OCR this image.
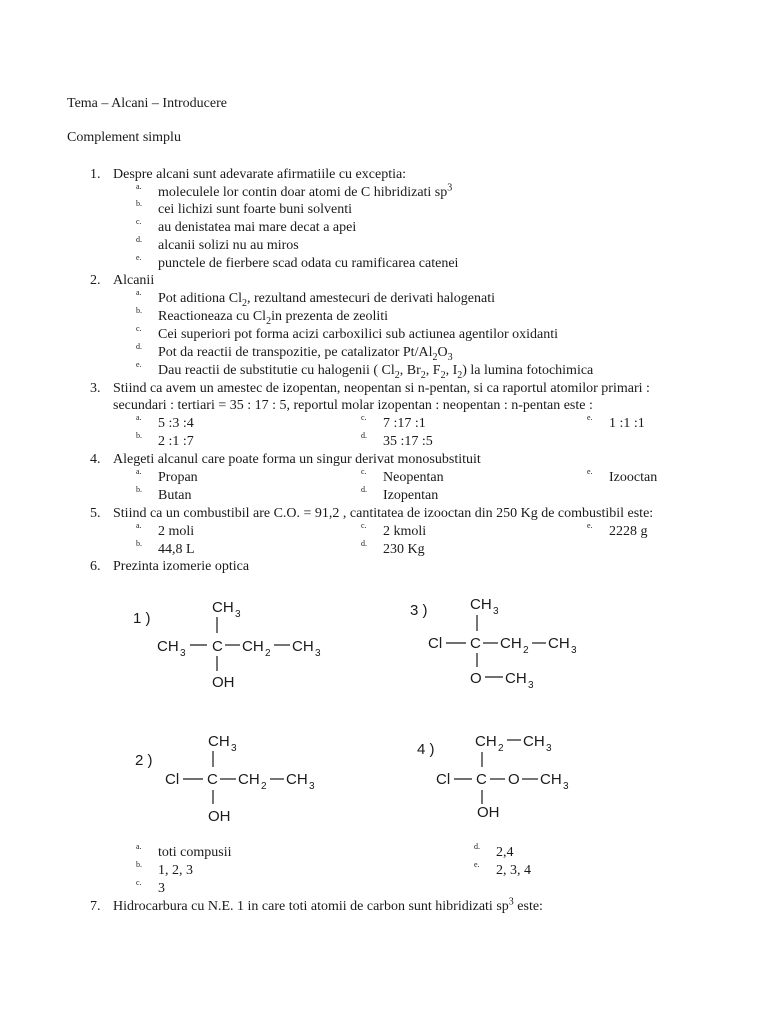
Tema – Alcani – Introducere
Complement simplu
1. Despre alcani sunt adevarate afirmatiile cu exceptia:
a. moleculele lor contin doar atomi de C hibridizati $sp^3$
b. cei lichizi sunt foarte buni solventi
c. au denistatea mai mare decat a apei
d. alcanii solizi nu au miros
e. punctele de fierbere scad odata cu ramificarea catenei
2. Alcanii
a. Pot aditiona $Cl_2$, rezultand amestecuri de derivati halogenati
b. Reactioneaza cu $Cl_2in$ prezenta de zeoliti
c. Cei superiori pot forma acizi carboxilici sub actiunea agentilor oxidanti
d. Pot da reactii de transpozitie, pe catalizator $Pt/Al_2O_3$
e. Dau reactii de substitutie cu halogenii ( $Cl_2$, $Br_2$, $F_2$, $I_2$) la lumina fotochimica
3. Stiind ca avem un amestec de izopentan, neopentan si n-pentan, si ca raportul atomilor primari :
secundari : tertiari = 35 : 17 : 5, reportul molar izopentan : neopentan : n-pentan este :
a. 5 :3 :4
b. 2 :1 :7
c. 7 :17 :1
d. 35 :17 :5
e. 1 :1 :1
4. Alegeti alcanul care poate forma un singur derivat monosubstituit
a. Propan
b. Butan
c. Neopentan
d. Izopentan
e. Izooctan
5. Stiind ca un combustibil are C.O. = 91,2 , cantitatea de izooctan din 250 Kg de combustibil este:
a. 2 moli
b. 44,8 L
c. 2 kmoli
d. 230 Kg
e. 2228 g
6. Prezinta izomerie optica
1 )
CH 3
CH 3 C CH 2 CH 3
OH
3 )	CH 3
Cl C CH 2 CH 3
O CH 3
2 )
CH 3
Cl C CH 2 CH 3
OH
4 )	CH 2 CH 3
Cl C O CH 3
OH
a. toti compusii
b. 1, 2, 3
c. 3
d. 2,4
e. 2, 3, 4
7. Hidrocarbura cu N.E. 1 in care toti atomii de carbon sunt hibridizati $sp^3$ este:
